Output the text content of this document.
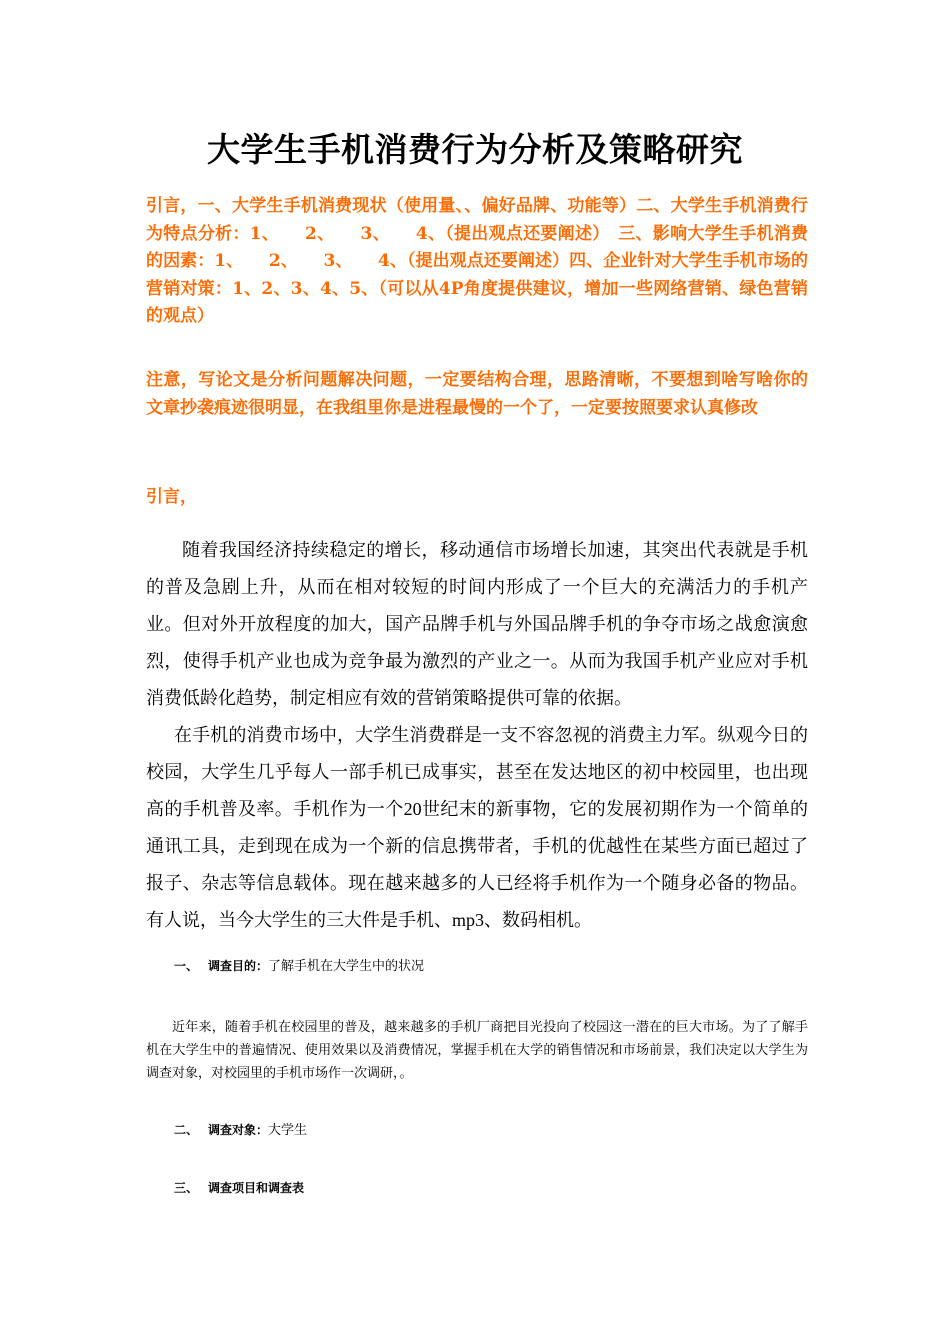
大学生手机消费行为分析及策略研究

引言，一、大学生手机消费现状（使用量、、偏好品牌、功能等）二、大学生手机消费行为特点分析：1、　　2、　　3、　　4、（提出观点还要阐述）　三、影响大学生手机消费的因素：1、　　2、　　3、　　4、（提出观点还要阐述）四、企业针对大学生手机市场的营销对策：1、2、3、4、5、（可以从4P角度提供建议，增加一些网络营销、绿色营销的观点）

注意，写论文是分析问题解决问题，一定要结构合理，思路清晰，不要想到啥写啥你的文章抄袭痕迹很明显，在我组里你是进程最慢的一个了，一定要按照要求认真修改

引言，

随着我国经济持续稳定的增长，移动通信市场增长加速，其突出代表就是手机的普及急剧上升，从而在相对较短的时间内形成了一个巨大的充满活力的手机产业。但对外开放程度的加大，国产品牌手机与外国品牌手机的争夺市场之战愈演愈烈，使得手机产业也成为竞争最为激烈的产业之一。从而为我国手机产业应对手机消费低龄化趋势，制定相应有效的营销策略提供可靠的依据。

在手机的消费市场中，大学生消费群是一支不容忽视的消费主力军。纵观今日的校园，大学生几乎每人一部手机已成事实，甚至在发达地区的初中校园里，也出现高的手机普及率。手机作为一个20世纪末的新事物，它的发展初期作为一个简单的通讯工具，走到现在成为一个新的信息携带者，手机的优越性在某些方面已超过了报子、杂志等信息载体。现在越来越多的人已经将手机作为一个随身必备的物品。有人说，当今大学生的三大件是手机、mp3、数码相机。

一、 调查目的：了解手机在大学生中的状况

近年来，随着手机在校园里的普及，越来越多的手机厂商把目光投向了校园这一潜在的巨大市场。为了了解手机在大学生中的普遍情况、使用效果以及消费情况，掌握手机在大学的销售情况和市场前景，我们决定以大学生为调查对象，对校园里的手机市场作一次调研，。

二、 调查对象：大学生

三、 调查项目和调查表
